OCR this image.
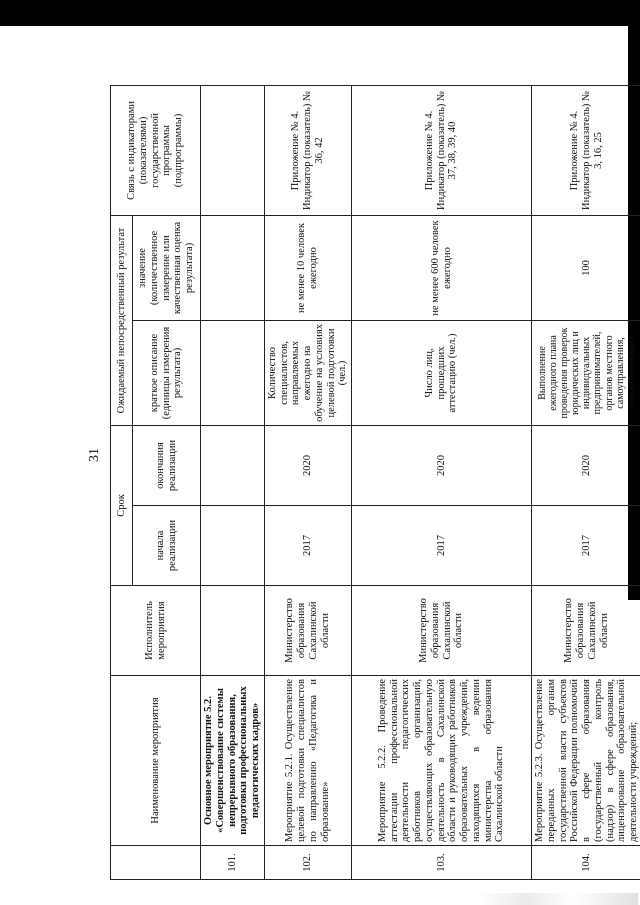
31
	Наименование мероприятия	Исполнитель мероприятия	Срок		Ожидаемый непосредственный результат		Связь с индикаторами (показателями) государственной программы (подпрограммы)
			начала реализации	окончания реализации	краткое описание (единицы измерения результата)	значение (количественное измерение или качественная оценка результата)	

101.	Основное мероприятие 5.2. «Совершенствование системы непрерывного образования, подготовки профессиональных педагогических кадров»						
102.	Мероприятие 5.2.1. Осуществление целевой подготовки специалистов по направлению «Педагогика и образование»	Министерство образования Сахалинской области	2017	2020	Количество специалистов, направляемых ежегодно на обучение на условиях целевой подготовки (чел.)	не менее 10 человек ежегодно	Приложение № 4. Индикатор (показатель) № 36, 42
103.	Мероприятие 5.2.2. Проведение аттестации профессиональной деятельности педагогических работников организаций, осуществляющих образовательную деятельность в Сахалинской области и руководящих работников образовательных учреждений, находящихся в ведении министерства образования Сахалинской области	Министерство образования Сахалинской области	2017	2020	Число лиц, прошедших аттестацию (чел.)	не менее 600 человек ежегодно	Приложение № 4. Индикатор (показатель) № 37, 38, 39, 40
104.	Мероприятие 5.2.3. Осуществление переданных органам государственной власти субъектов Российской Федерации полномочий в сфере образования (государственный контроль (надзор) в сфере образования, лицензирование образовательной деятельности учреждений;	Министерство образования Сахалинской области	2017	2020	Выполнение ежегодного плана проведения проверок юридических лиц и индивидуальных предпринимателей, органов местного самоуправления, осуществляющих	100	Приложение № 4. Индикатор (показатель) № 3, 16, 25
